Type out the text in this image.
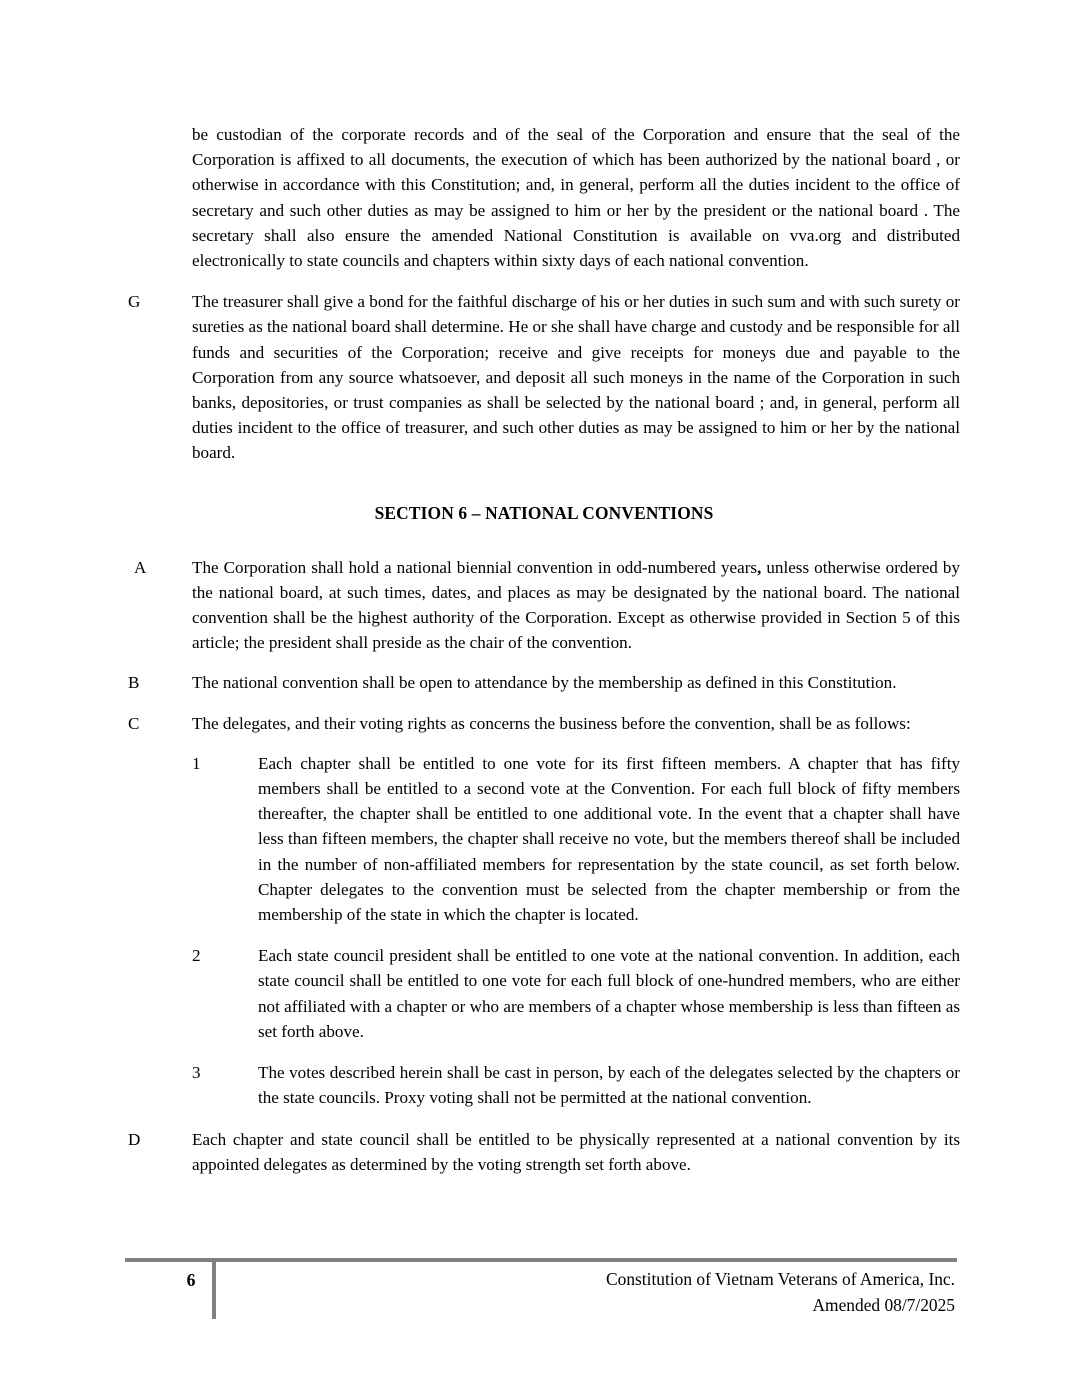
be custodian of the corporate records and of the seal of the Corporation and ensure that the seal of the Corporation is affixed to all documents, the execution of which has been authorized by the national board , or otherwise in accordance with this Constitution; and, in general, perform all the duties incident to the office of secretary and such other duties as may be assigned to him or her by the president or the national board . The secretary shall also ensure the amended National Constitution is available on vva.org and distributed electronically to state councils and chapters within sixty days of each national convention.
G	The treasurer shall give a bond for the faithful discharge of his or her duties in such sum and with such surety or sureties as the national board shall determine. He or she shall have charge and custody and be responsible for all funds and securities of the Corporation; receive and give receipts for moneys due and payable to the Corporation from any source whatsoever, and deposit all such moneys in the name of the Corporation in such banks, depositories, or trust companies as shall be selected by the national board ; and, in general, perform all duties incident to the office of treasurer, and such other duties as may be assigned to him or her by the national board.
SECTION 6 – NATIONAL CONVENTIONS
A	The Corporation shall hold a national biennial convention in odd-numbered years, unless otherwise ordered by the national board, at such times, dates, and places as may be designated by the national board. The national convention shall be the highest authority of the Corporation. Except as otherwise provided in Section 5 of this article; the president shall preside as the chair of the convention.
B	The national convention shall be open to attendance by the membership as defined in this Constitution.
C	The delegates, and their voting rights as concerns the business before the convention, shall be as follows:
1	Each chapter shall be entitled to one vote for its first fifteen members. A chapter that has fifty members shall be entitled to a second vote at the Convention. For each full block of fifty members thereafter, the chapter shall be entitled to one additional vote. In the event that a chapter shall have less than fifteen members, the chapter shall receive no vote, but the members thereof shall be included in the number of non-affiliated members for representation by the state council, as set forth below. Chapter delegates to the convention must be selected from the chapter membership or from the membership of the state in which the chapter is located.
2	Each state council president shall be entitled to one vote at the national convention. In addition, each state council shall be entitled to one vote for each full block of one-hundred members, who are either not affiliated with a chapter or who are members of a chapter whose membership is less than fifteen as set forth above.
3	The votes described herein shall be cast in person, by each of the delegates selected by the chapters or the state councils. Proxy voting shall not be permitted at the national convention.
D	Each chapter and state council shall be entitled to be physically represented at a national convention by its appointed delegates as determined by the voting strength set forth above.
6	Constitution of Vietnam Veterans of America, Inc.
Amended 08/7/2025
